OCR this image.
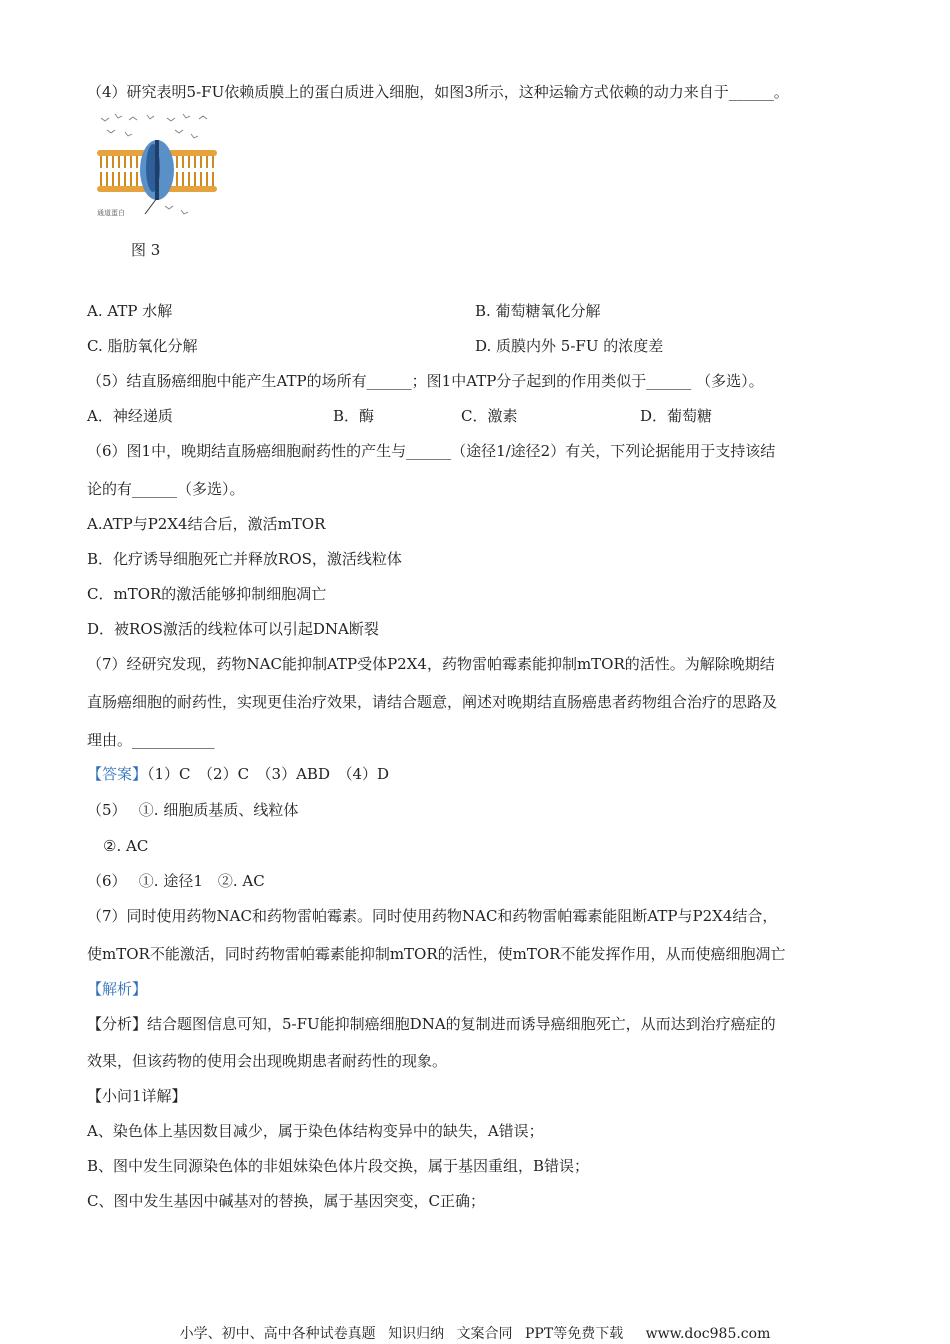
（4）研究表明5-FU依赖质膜上的蛋白质进入细胞，如图3所示，这种运输方式依赖的动力来自于______。
通道蛋白
图 3
A. ATP 水解	B. 葡萄糖氧化分解
C. 脂肪氧化分解	D. 质膜内外 5-FU 的浓度差
（5）结直肠癌细胞中能产生ATP的场所有______；图1中ATP分子起到的作用类似于______ （多选）。
A．神经递质	B．酶	C．激素	D．葡萄糖
（6）图1中，晚期结直肠癌细胞耐药性的产生与______（途径1/途径2）有关，下列论据能用于支持该结
论的有______（多选）。
A.ATP与P2X4结合后，激活mTOR
B．化疗诱导细胞死亡并释放ROS，激活线粒体
C．mTOR的激活能够抑制细胞凋亡
D．被ROS激活的线粒体可以引起DNA断裂
（7）经研究发现，药物NAC能抑制ATP受体P2X4，药物雷帕霉素能抑制mTOR的活性。为解除晚期结
直肠癌细胞的耐药性，实现更佳治疗效果，请结合题意，阐述对晚期结直肠癌患者药物组合治疗的思路及
理由。___________
【答案】（1）C　（2）C　（3）ABD　（4）D
（5）　 ①. 细胞质基质、线粒体
②. AC
（6）　 ①. 途径1　②. AC
（7）同时使用药物NAC和药物雷帕霉素。同时使用药物NAC和药物雷帕霉素能阻断ATP与P2X4结合，
使mTOR不能激活，同时药物雷帕霉素能抑制mTOR的活性，使mTOR不能发挥作用，从而使癌细胞凋亡
【解析】
【分析】结合题图信息可知，5-FU能抑制癌细胞DNA的复制进而诱导癌细胞死亡，从而达到治疗癌症的
效果，但该药物的使用会出现晚期患者耐药性的现象。
【小问1详解】
A、染色体上基因数目减少，属于染色体结构变异中的缺失，A错误；
B、图中发生同源染色体的非姐妹染色体片段交换，属于基因重组，B错误；
C、图中发生基因中碱基对的替换，属于基因突变，C正确；
小学、初中、高中各种试卷真题 知识归纳 文案合同 PPT等免费下载 www.doc985.com
